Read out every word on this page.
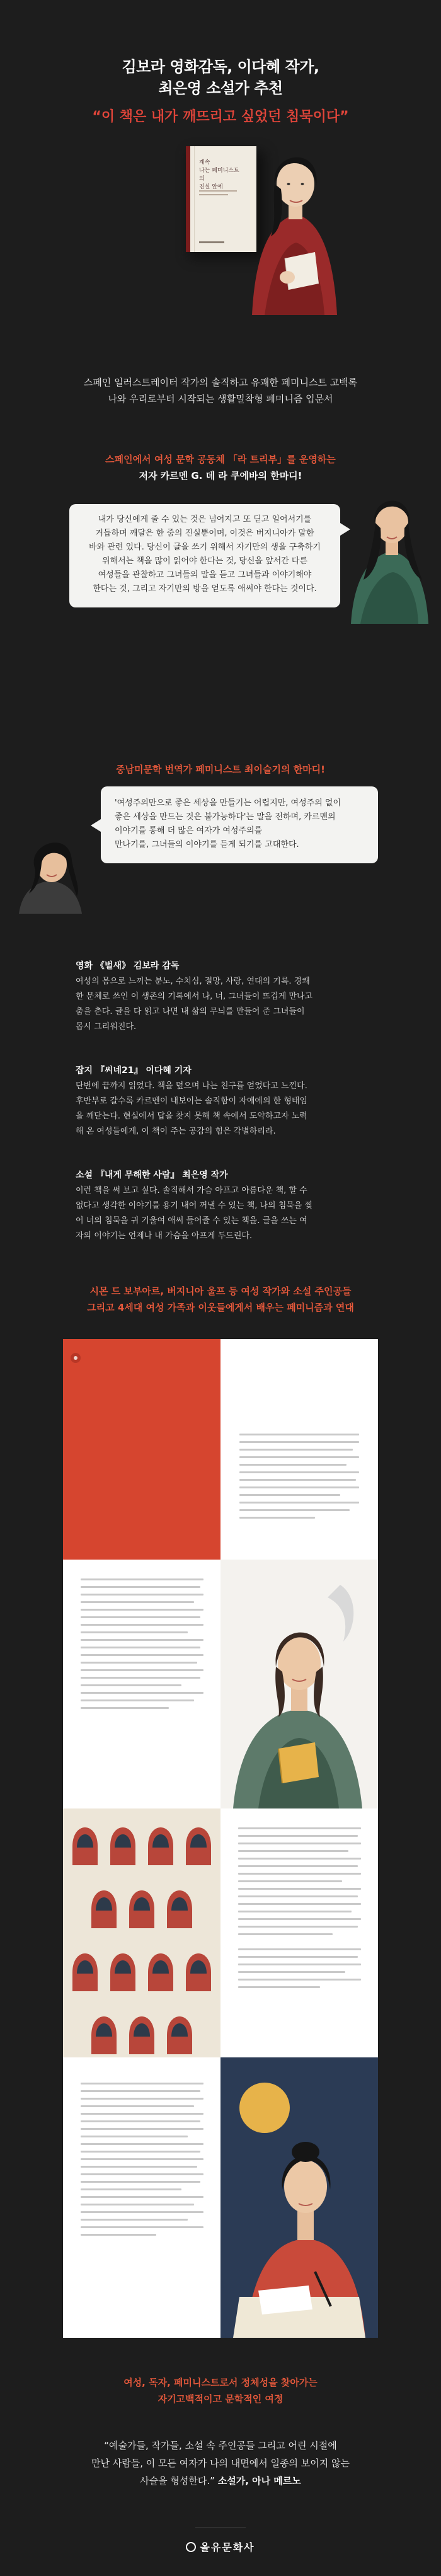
김보라 영화감독, 이다혜 작가,
최은영 소설가 추천
“이 책은 내가 깨뜨리고 싶었던 침묵이다”
계속
나는 페미니스트의
진실 앞에
스페인 일러스트레이터 작가의 솔직하고 유쾌한 페미니스트 고백록
나와 우리로부터 시작되는 생활밀착형 페미니즘 입문서
스페인에서 여성 문학 공동체 「라 트리부」를 운영하는
저자 카르멘 G. 데 라 쿠에바의 한마디!
내가 당신에게 줄 수 있는 것은 넘어지고 또 딛고 일어서기를
거듭하며 깨달은 한 줌의 진실뿐이며, 이것은 버지니아가 말한
바와 관련 있다. 당신이 글을 쓰기 위해서 자기만의 생을 구축하기
위해서는 책을 많이 읽어야 한다는 것, 당신을 앞서간 다른
여성들을 관찰하고 그녀들의 말을 듣고 그녀들과 이야기해야
한다는 것, 그리고 자기만의 방을 얻도록 애써야 한다는 것이다.
중남미문학 번역가 페미니스트 최이슬기의 한마디!
'여성주의만으로 좋은 세상을 만들기는 어렵지만, 여성주의 없이
좋은 세상을 만드는 것은 불가능하다'는 말을 전하며, 카르멘의
이야기를 통해 더 많은 여자가 여성주의를
만나기를, 그녀들의 이야기를 듣게 되기를 고대한다.
영화 《벌새》 김보라 감독
여성의 몸으로 느끼는 분노, 수치심, 절망, 사랑, 연대의 기록. 경쾌
한 문체로 쓰인 이 생존의 기록에서 나, 너, 그녀들이 뜨겁게 만나고
춤을 춘다. 글을 다 읽고 나면 내 삶의 무늬를 만들어 준 그녀들이
몹시 그리워진다.
잡지 『씨네21』 이다혜 기자
단번에 끝까지 읽었다. 책을 덮으며 나는 친구를 얻었다고 느낀다.
후반부로 갈수록 카르멘이 내보이는 솔직함이 자애에의 한 형태임
을 깨닫는다. 현실에서 답을 찾지 못해 책 속에서 도약하고자 노력
해 온 여성들에게, 이 책이 주는 공감의 힘은 각별하리라.
소설 『내게 무해한 사람』 최은영 작가
이런 책을 써 보고 싶다. 솔직해서 가슴 아프고 아름다운 책, 할 수
없다고 생각한 이야기를 용기 내어 꺼낼 수 있는 책, 나의 침묵을 찢
어 너의 침묵을 귀 기울여 애써 들어줄 수 있는 책을. 글을 쓰는 여
자의 이야기는 언제나 내 가슴을 아프게 두드린다.
시몬 드 보부아르, 버지니아 울프 등 여성 작가와 소설 주인공들
그리고 4세대 여성 가족과 이웃들에게서 배우는 페미니즘과 연대
여성, 독자, 페미니스트로서 정체성을 찾아가는
자기고백적이고 문학적인 여정
“예술가들, 작가들, 소설 속 주인공들 그리고 어린 시절에
만난 사람들, 이 모든 여자가 나의 내면에서 일종의 보이지 않는
사슬을 형성한다.” 소설가, 아나 메르노
올유문화사
